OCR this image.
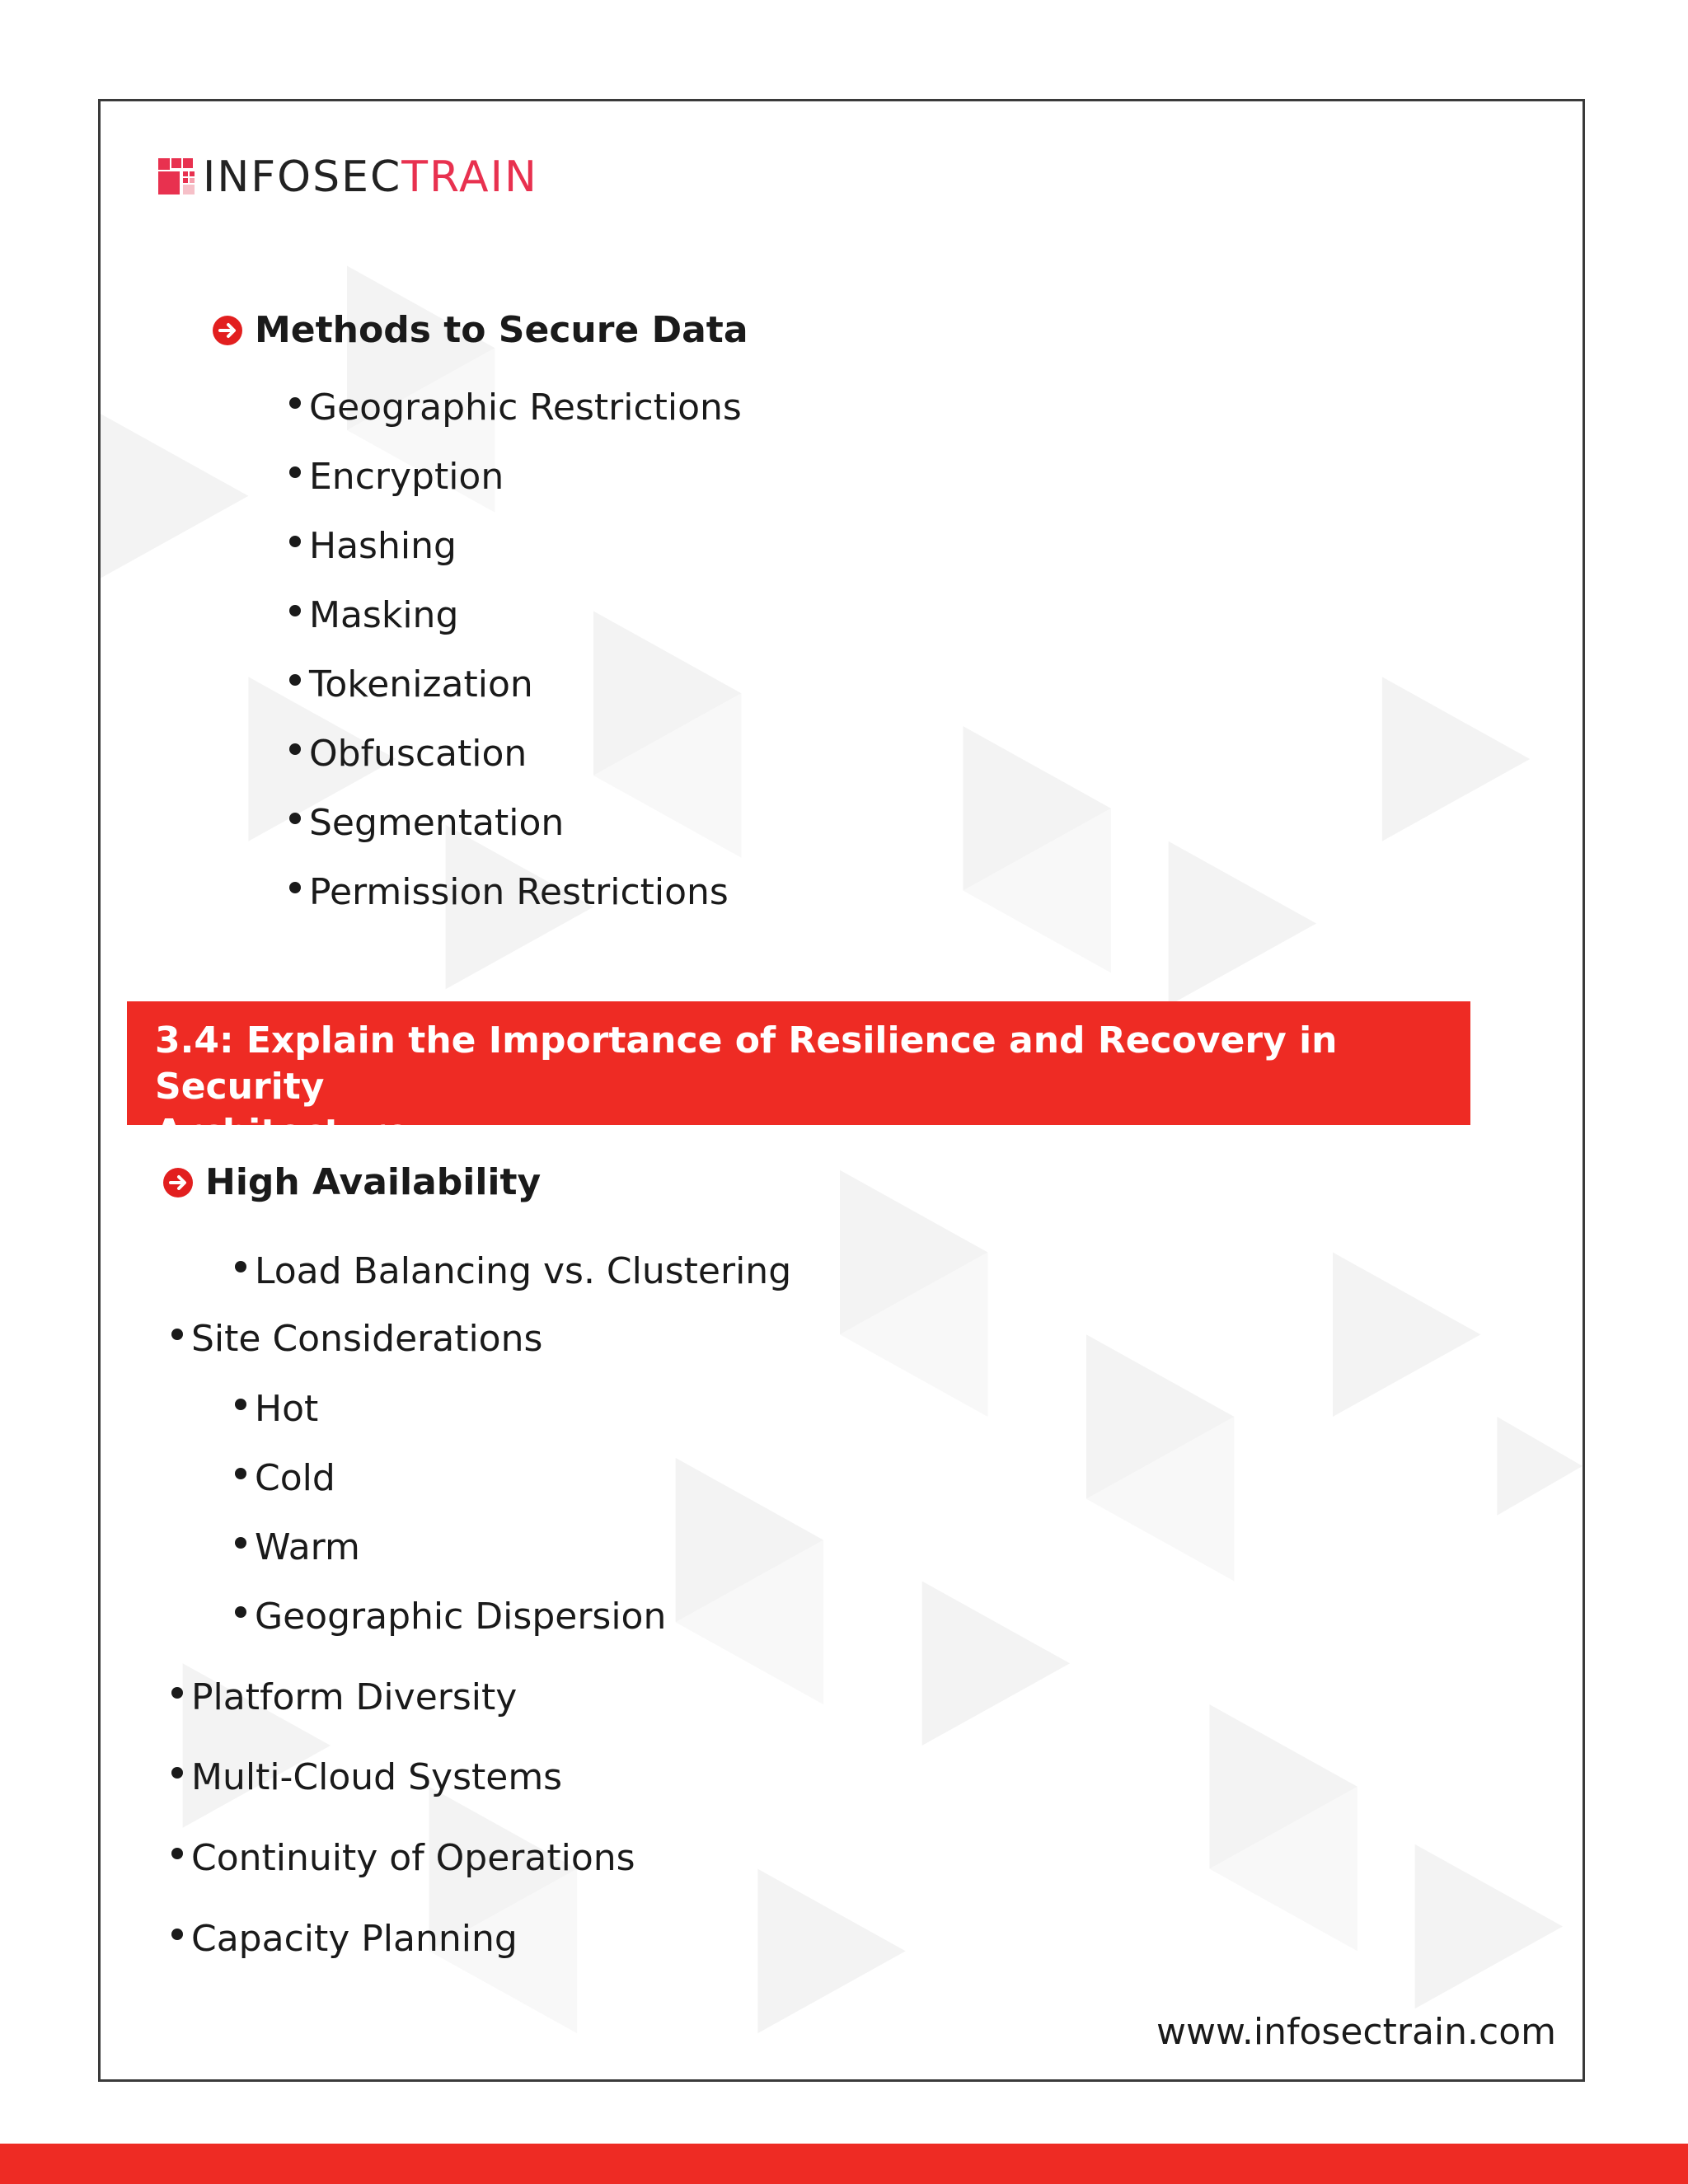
INFOSECTRAIN
Methods to Secure Data
Geographic Restrictions
Encryption
Hashing
Masking
Tokenization
Obfuscation
Segmentation
Permission Restrictions
3.4: Explain the Importance of Resilience and Recovery in Security
Architecture
High Availability
Load Balancing vs. Clustering
Site Considerations
Hot
Cold
Warm
Geographic Dispersion
Platform Diversity
Multi-Cloud Systems
Continuity of Operations
Capacity Planning
www.infosectrain.com
